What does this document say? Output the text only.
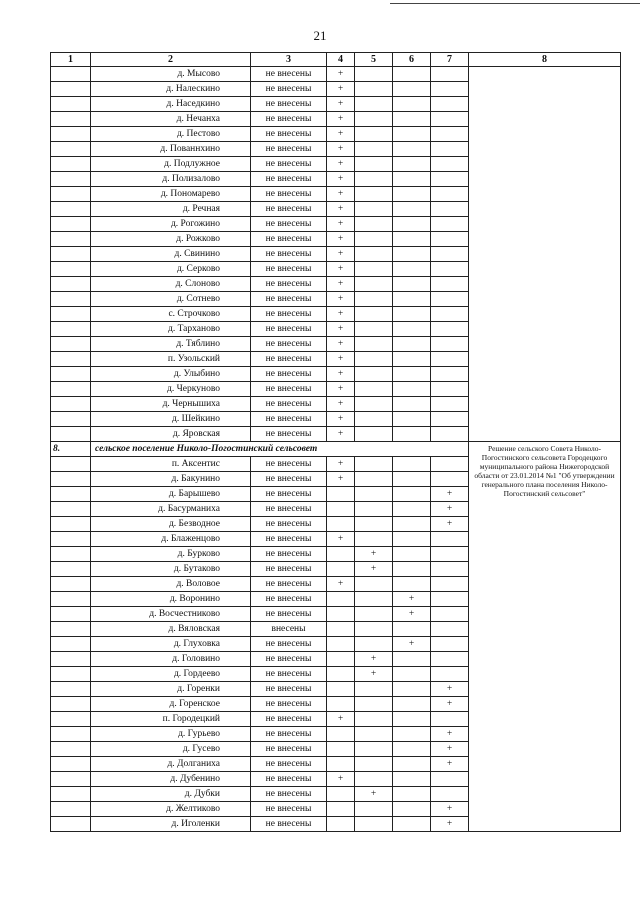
21
1	2	3	4	5	6	7	8
	д. Мысово	не внесены	+				
	д. Налескино	не внесены	+				
	д. Наседкино	не внесены	+				
	д. Нечанха	не внесены	+				
	д. Пестово	не внесены	+				
	д. Пованнхино	не внесены	+				
	д. Подлужное	не внесены	+				
	д. Полизалово	не внесены	+				
	д. Пономарево	не внесены	+				
	д. Речная	не внесены	+				
	д. Рогожино	не внесены	+				
	д. Рожково	не внесены	+				
	д. Свинино	не внесены	+				
	д. Серково	не внесены	+				
	д. Слоново	не внесены	+				
	д. Сотнево	не внесены	+				
	с. Строчково	не внесены	+				
	д. Тарханово	не внесены	+				
	д. Тяблино	не внесены	+				
	п. Узольский	не внесены	+				
	д. Улыбино	не внесены	+				
	д. Черкуново	не внесены	+				
	д. Чернышиха	не внесены	+				
	д. Шейкино	не внесены	+				
	д. Яровская	не внесены	+				
8.	сельское поселение Николо-Погостинский сельсовет						Решение сельского Совета Николо-Погостинского сельсовета Городецкого муниципального района Нижегородской области от 23.01.2014 №1 "Об утверждении генерального плана поселения Николо-Погостинский сельсовет"
	п. Аксентис	не внесены	+				
	д. Бакунино	не внесены	+				
	д. Барышево	не внесены				+	
	д. Басурманиха	не внесены				+	
	д. Безводное	не внесены				+	
	д. Блаженцово	не внесены	+				
	д. Бурково	не внесены		+			
	д. Бутаково	не внесены		+			
	д. Воловое	не внесены	+				
	д. Воронино	не внесены			+		
	д. Восчестниково	не внесены			+		
	д. Вяловская	внесены					
	д. Глуховка	не внесены			+		
	д. Головино	не внесены		+			
	д. Гордеево	не внесены		+			
	д. Горенки	не внесены				+	
	д. Горенское	не внесены				+	
	п. Городецкий	не внесены	+				
	д. Гурьево	не внесены				+	
	д. Гусево	не внесены				+	
	д. Долганиха	не внесены				+	
	д. Дубенино	не внесены	+				
	д. Дубки	не внесены		+			
	д. Желтиково	не внесены				+	
	д. Иголенки	не внесены				+	
